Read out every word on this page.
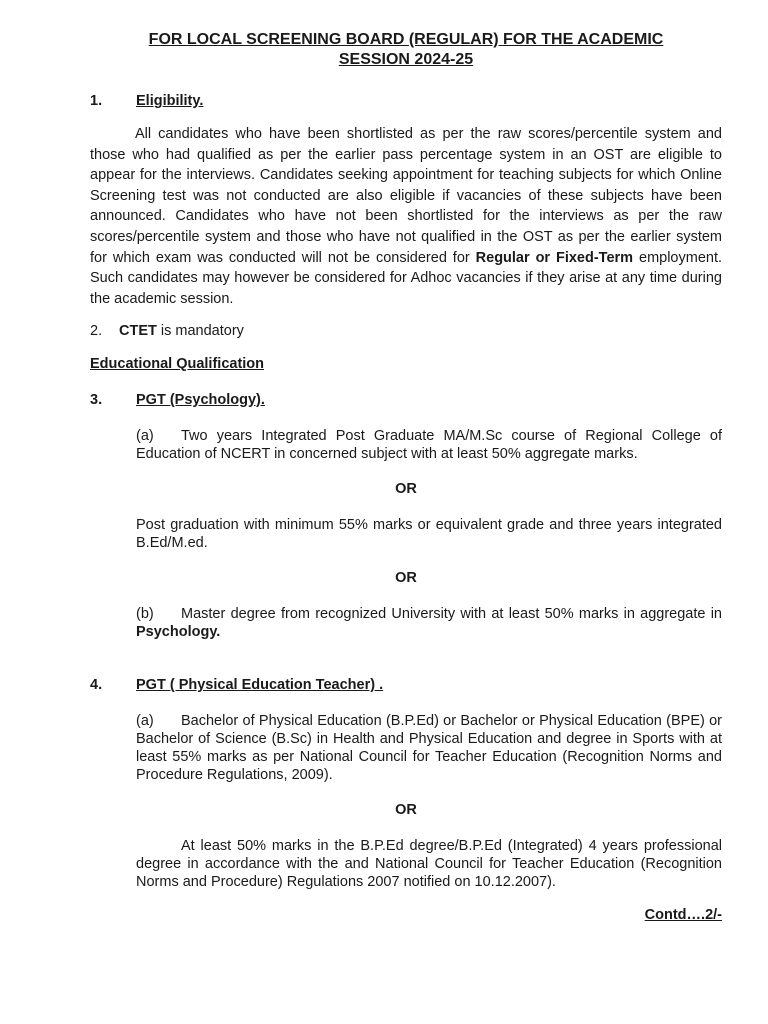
FOR LOCAL SCREENING BOARD (REGULAR) FOR THE ACADEMIC
SESSION 2024-25
1. Eligibility.
All candidates who have been shortlisted as per the raw scores/percentile system and those who had qualified as per the earlier pass percentage system in an OST are eligible to appear for the interviews. Candidates seeking appointment for teaching subjects for which Online Screening test was not conducted are also eligible if vacancies of these subjects have been announced. Candidates who have not been shortlisted for the interviews as per the raw scores/percentile system and those who have not qualified in the OST as per the earlier system for which exam was conducted will not be considered for Regular or Fixed-Term employment. Such candidates may however be considered for Adhoc vacancies if they arise at any time during the academic session.
2. CTET is mandatory
Educational Qualification
3. PGT (Psychology).
(a) Two years Integrated Post Graduate MA/M.Sc course of Regional College of Education of NCERT in concerned subject with at least 50% aggregate marks.
OR
Post graduation with minimum 55% marks or equivalent grade and three years integrated B.Ed/M.ed.
OR
(b) Master degree from recognized University with at least 50% marks in aggregate in Psychology.
4. PGT ( Physical Education Teacher) .
(a) Bachelor of Physical Education (B.P.Ed) or Bachelor or Physical Education (BPE) or Bachelor of Science (B.Sc) in Health and Physical Education and degree in Sports with at least 55% marks as per National Council for Teacher Education (Recognition Norms and Procedure Regulations, 2009).
OR
At least 50% marks in the B.P.Ed degree/B.P.Ed (Integrated) 4 years professional degree in accordance with the and National Council for Teacher Education (Recognition Norms and Procedure) Regulations 2007 notified on 10.12.2007).
Contd….2/-
